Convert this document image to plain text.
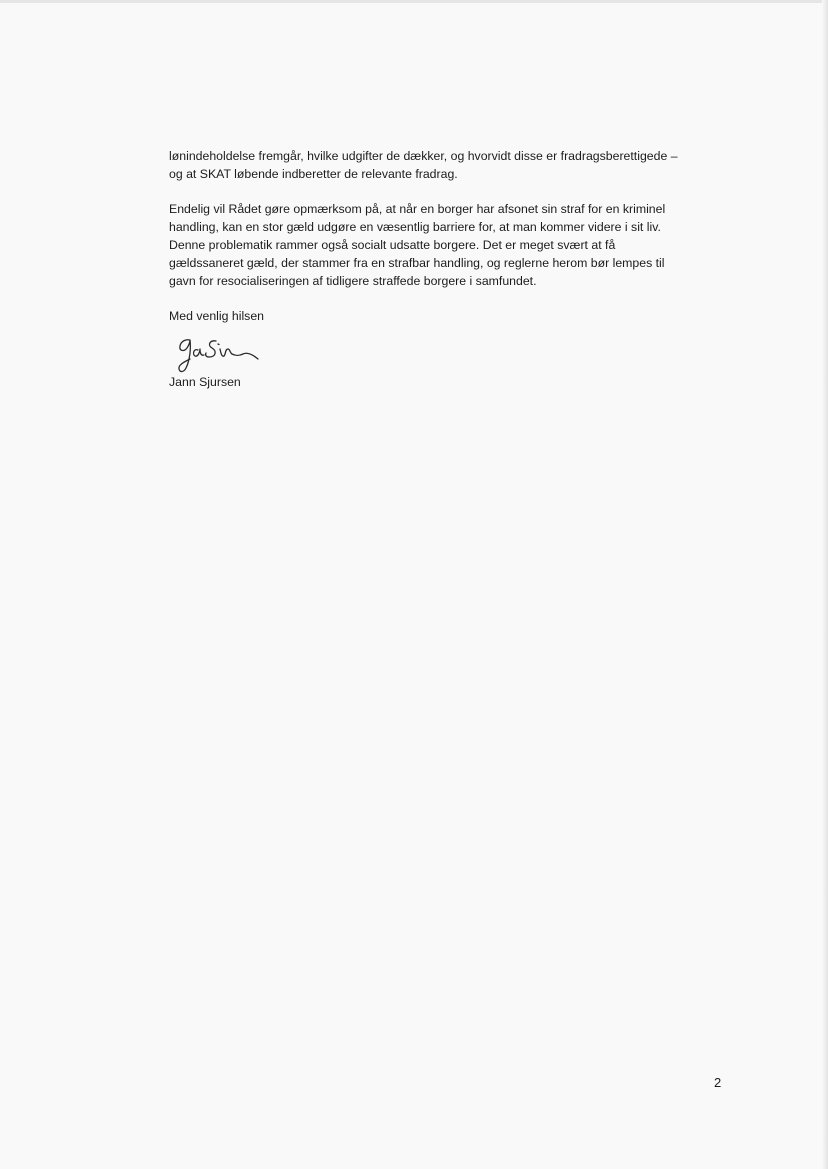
lønindeholdelse fremgår, hvilke udgifter de dækker, og hvorvidt disse er fradragsberettigede –
og at SKAT løbende indberetter de relevante fradrag.

Endelig vil Rådet gøre opmærksom på, at når en borger har afsonet sin straf for en kriminel
handling, kan en stor gæld udgøre en væsentlig barriere for, at man kommer videre i sit liv.
Denne problematik rammer også socialt udsatte borgere. Det er meget svært at få
gældssaneret gæld, der stammer fra en strafbar handling, og reglerne herom bør lempes til
gavn for resocialiseringen af tidligere straffede borgere i samfundet.

Med venlig hilsen

Jann Sjursen
2
